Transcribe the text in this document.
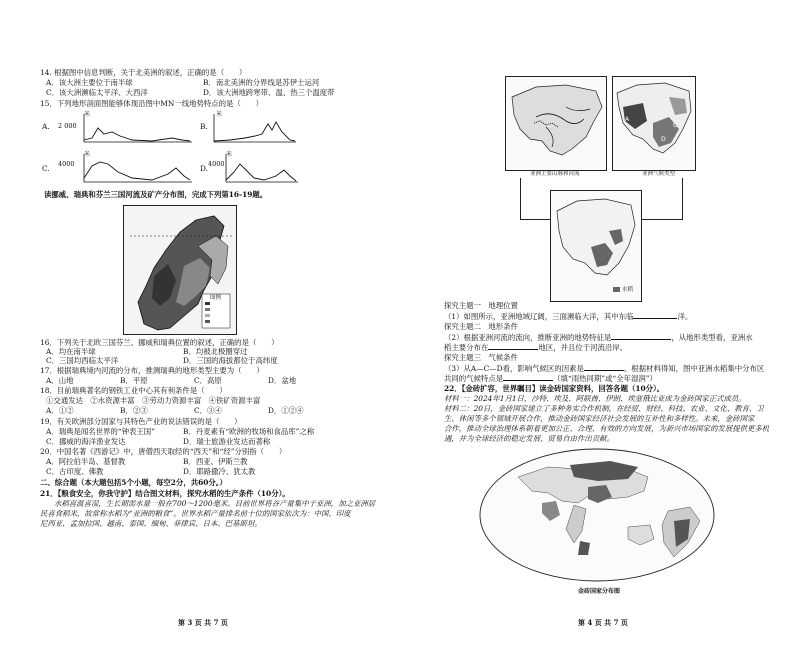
14. 根据图中信息判断，关于北美洲的叙述，正确的是（　　）
A．该大洲主要位于南半球	B．南北美洲的分界线是苏伊士运河
C．该大洲濒临太平洋、大西洋	D．该大洲地跨寒带、温、热三个温度带
15．下列地形剖面图能够体现沿图中MN一线地势特点的是（　　）
A. 2 000
米
B.
米
C. 4000
米
D. 4000
米
读挪威、瑞典和芬兰三国河流及矿产分布图，完成下列第16-19题。
图例
16．下列关于北欧三国芬兰、挪威和瑞典位置的叙述，正确的是（　　）
A．均在南半球	B．均被北极圈穿过
C．三国均西临太平洋	D．三国的海拔都位于高纬度
17．根据瑞典境内河流的分布，推测瑞典的地形类型主要为（　　）
A．山地	B．平原	C．高原	D．盆地
18．目前瑞典著名的钢铁工业中心其有利条件是（　　）
①交通发达　②水资源丰富　③劳动力资源丰富　④铁矿资源丰富
A．①②	B．②③	C．③④	D．①②④
19．有关欧洲部分国家与其特色产业的说法错误的是（　　）
A．瑞典是闻名世界的“钟表王国”	B．丹麦素有“欧洲的牧场和食品库”之称
C．挪威的海洋渔业发达	D．瑞士旅游业发达而著称
20．中国名著《西游记》中，唐僧西天取经的“西天”和“经”分别指（　　）
A．阿拉伯半岛、基督教	B．西亚、伊斯兰教
C．古印度、佛教	D．耶路撒冷、犹太教
二、综合题（本大题包括5个小题，每空2分，共60分。）
21．【粮食安全，你我守护】结合图文材料，探究水稻的生产条件（10分）。
水稻喜温喜湿，生长期需水量一般在700～1200毫米。目前世界将谷产量集中于亚洲，加之亚洲居
民喜食稻米，故常称水稻为“亚洲的粮食”。世界水稻产量排名前十位的国家依次为：中国、印度
尼西亚、孟加拉国、越南、泰国、缅甸、菲律宾、日本、巴基斯坦。
第 3 页 共 7 页
亚洲主要山脉和河流
A
C
D
亚洲气候类型
水稻
探究主题一　地理位置
（1）如图所示，亚洲地域辽阔，三面濒临大洋，其中东临	洋。
探究主题二　地形条件
（2）根据亚洲河流的流向，推断亚洲的地势特征是	，从地形类型看，亚洲水
稻主要分布在	地区，并且位于河流沿岸。
探究主题三　气候条件
（3）从A—C—D看，影响气候区的因素是	。根据材料得知，图中亚洲水稻集中分布区
共同的气候特点是	（填“雨热同期”或“全年湿润”）
22．【金砖扩容，世界瞩目】读金砖国家资料，回答各题（10分）。
材料一：2024年1月1日，沙特、埃及、阿联酋、伊朗、埃塞俄比亚成为金砖国家正式成员。
材料二：20日，金砖国家建立了多种务实合作机制，在经贸、财经、科技、农业、文化、教育、卫
生、休闲等多个领域开展合作，推动金砖国家经济社会发展的互补性和多样性。未来，金砖国家
合作，推动全球治理体系朝着更加公正、合理、有效的方向发展，为新兴市场国家的发展提供更多机
遇，并为全球经济的稳定发展、贸易自由作出贡献。
金砖国家分布图
第 4 页 共 7 页
